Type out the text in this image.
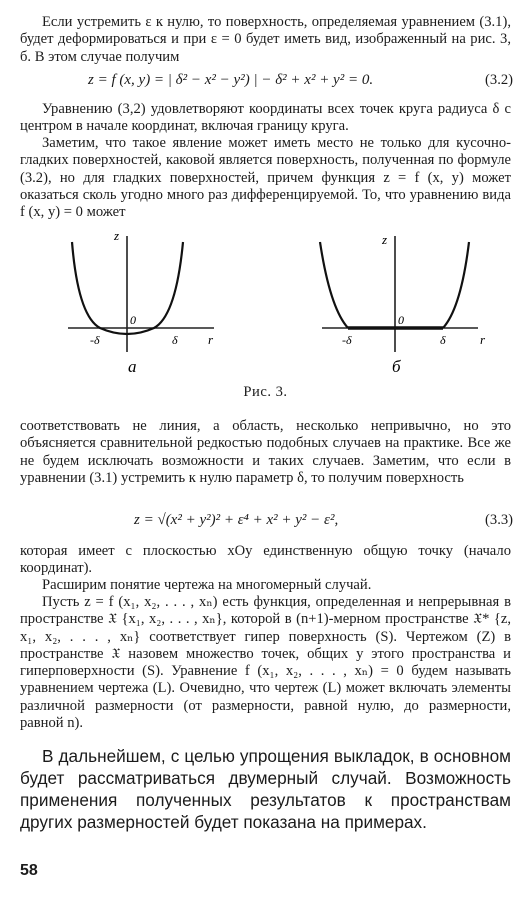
Если устремить ε к нулю, то поверхность, определяемая уравнением (3.1), будет деформироваться и при ε = 0 будет иметь вид, изображенный на рис. 3, б. В этом случае получим

z = f (x, y) = | δ² − x² − y²) | − δ² + x² + y² = 0.	(3.2)

Уравнению (3,2) удовлетворяют координаты всех точек круга радиуса δ с центром в начале координат, включая границу круга.

Заметим, что такое явление может иметь место не только для кусочно-гладких поверхностей, каковой является поверхность, полученная по формуле (3.2), но для гладких поверхностей, причем функция z = f (x, y) может оказаться сколь угодно много раз дифференцируемой. То, что уравнению вида f (x, y) = 0 может

z
0
-δ	δ r
а
z
0
-δ	δ	r
б
Рис. 3.

соответствовать не линия, а область, несколько непривычно, но это объясняется сравнительной редкостью подобных случаев на практике. Все же не будем исключать возможности и таких случаев. Заметим, что если в уравнении (3.1) устремить к нулю параметр δ, то получим поверхность

z = √(x² + y²)² + ε⁴ + x² + y² − ε²,	(3.3)

которая имеет с плоскостью xOy единственную общую точку (начало координат).

Расширим понятие чертежа на многомерный случай.

Пусть z = f (x₁, x₂, . . . , xₙ) есть функция, определенная и непрерывная в пространстве 𝔛 {x₁, x₂, . . . , xₙ}, которой в (n+1)-мерном пространстве 𝔛* {z, x₁, x₂, . . . , xₙ} соответствует гипер поверхность (S). Чертежом (Z) в пространстве 𝔛 назовем множество точек, общих у этого пространства и гиперповерхности (S). Уравнение f (x₁, x₂, . . . , xₙ) = 0 будем называть уравнением чертежа (L). Очевидно, что чертеж (L) может включать элементы различной размерности (от размерности, равной нулю, до размерности, равной n).

В дальнейшем, с целью упрощения выкладок, в основном будет рассматриваться двумерный случай. Возможность применения полученных результатов к пространствам других размерностей будет показана на примерах.

58
